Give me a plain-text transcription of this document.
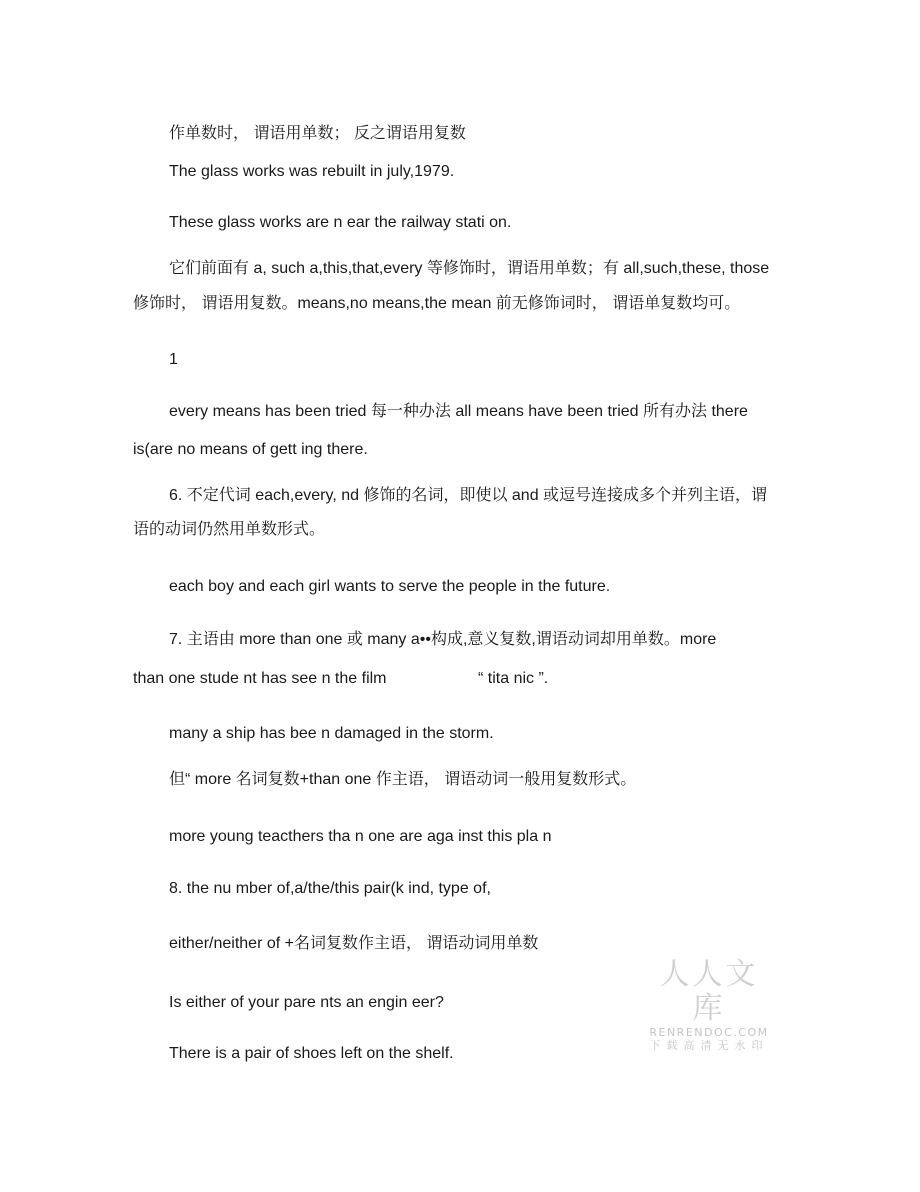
作单数时， 谓语用单数； 反之谓语用复数
The glass works was rebuilt in july,1979.
These glass works are n ear the railway stati on.
它们前面有 a, such a,this,that,every 等修饰时，谓语用单数；有 all,such,these, those
修饰时， 谓语用复数。means,no means,the mean 前无修饰词时， 谓语单复数均可。
1
every means has been tried 每一种办法 all means have been tried 所有办法 there
is(are no means of gett ing there.
6. 不定代词 each,every, nd 修饰的名词，即使以 and 或逗号连接成多个并列主语，谓
语的动词仍然用单数形式。
each boy and each girl wants to serve the people in the future.
7. 主语由 more than one 或 many a••构成,意义复数,谓语动词却用单数。more
than one stude nt has see n the film	“ tita nic ”.
many a ship has bee n damaged in the storm.
但“ more 名词复数+than one 作主语， 谓语动词一般用复数形式。
more young teacthers tha n one are aga inst this pla n
8. the nu mber of,a/the/this pair(k ind, type of,
either/neither of +名词复数作主语， 谓语动词用单数
Is either of your pare nts an engin eer?
There is a pair of shoes left on the shelf.
人人文库
RENRENDOC.COM
下载高清无水印
